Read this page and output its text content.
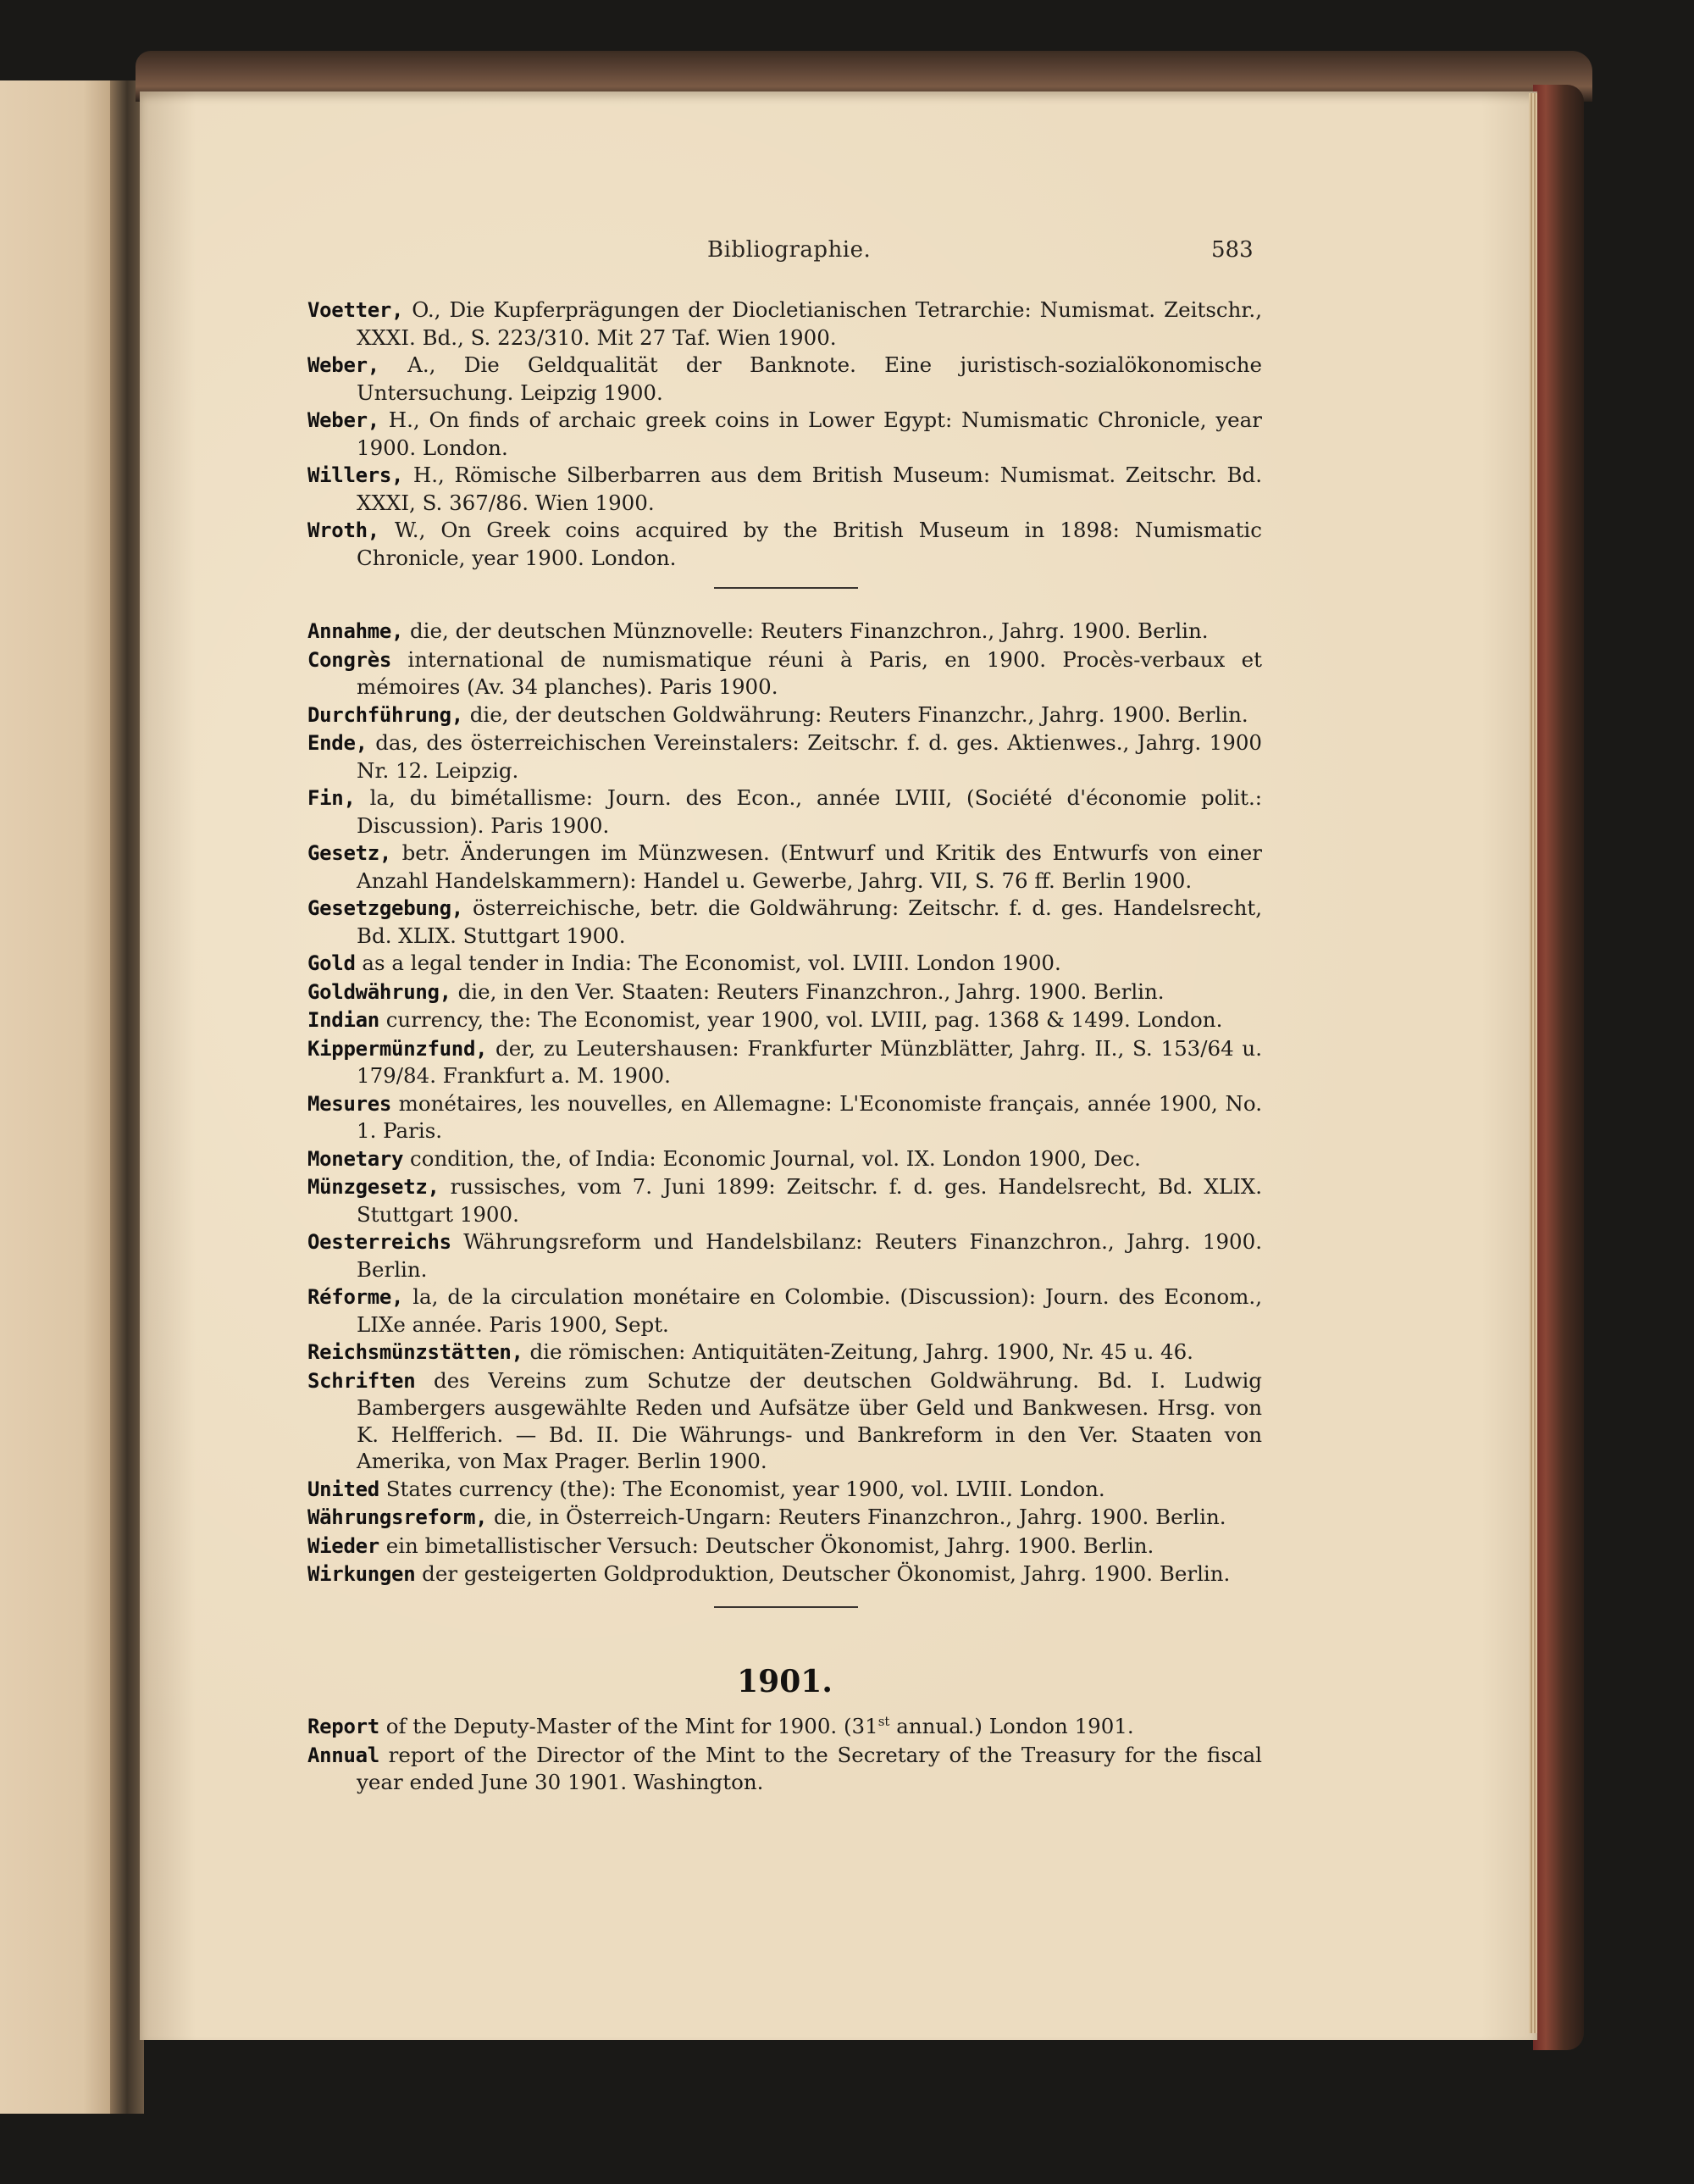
Bibliographie.	583
Voetter, O., Die Kupferprägungen der Diocletianischen Tetrarchie: Numismat. Zeitschr., XXXI. Bd., S. 223/310. Mit 27 Taf. Wien 1900.
Weber, A., Die Geldqualität der Banknote. Eine juristisch-sozialökonomische Untersuchung. Leipzig 1900.
Weber, H., On finds of archaic greek coins in Lower Egypt: Numismatic Chronicle, year 1900. London.
Willers, H., Römische Silberbarren aus dem British Museum: Numismat. Zeitschr. Bd. XXXI, S. 367/86. Wien 1900.
Wroth, W., On Greek coins acquired by the British Museum in 1898: Numismatic Chronicle, year 1900. London.
Annahme, die, der deutschen Münznovelle: Reuters Finanzchron., Jahrg. 1900. Berlin.
Congrès international de numismatique réuni à Paris, en 1900. Procès-verbaux et mémoires (Av. 34 planches). Paris 1900.
Durchführung, die, der deutschen Goldwährung: Reuters Finanzchr., Jahrg. 1900. Berlin.
Ende, das, des österreichischen Vereinstalers: Zeitschr. f. d. ges. Aktienwes., Jahrg. 1900 Nr. 12. Leipzig.
Fin, la, du bimétallisme: Journ. des Econ., année LVIII, (Société d'économie polit.: Discussion). Paris 1900.
Gesetz, betr. Änderungen im Münzwesen. (Entwurf und Kritik des Entwurfs von einer Anzahl Handelskammern): Handel u. Gewerbe, Jahrg. VII, S. 76 ff. Berlin 1900.
Gesetzgebung, österreichische, betr. die Goldwährung: Zeitschr. f. d. ges. Handelsrecht, Bd. XLIX. Stuttgart 1900.
Gold as a legal tender in India: The Economist, vol. LVIII. London 1900.
Goldwährung, die, in den Ver. Staaten: Reuters Finanzchron., Jahrg. 1900. Berlin.
Indian currency, the: The Economist, year 1900, vol. LVIII, pag. 1368 & 1499. London.
Kippermünzfund, der, zu Leutershausen: Frankfurter Münzblätter, Jahrg. II., S. 153/64 u. 179/84. Frankfurt a. M. 1900.
Mesures monétaires, les nouvelles, en Allemagne: L'Economiste français, année 1900, No. 1. Paris.
Monetary condition, the, of India: Economic Journal, vol. IX. London 1900, Dec.
Münzgesetz, russisches, vom 7. Juni 1899: Zeitschr. f. d. ges. Handelsrecht, Bd. XLIX. Stuttgart 1900.
Oesterreichs Währungsreform und Handelsbilanz: Reuters Finanzchron., Jahrg. 1900. Berlin.
Réforme, la, de la circulation monétaire en Colombie. (Discussion): Journ. des Econom., LIXe année. Paris 1900, Sept.
Reichsmünzstätten, die römischen: Antiquitäten-Zeitung, Jahrg. 1900, Nr. 45 u. 46.
Schriften des Vereins zum Schutze der deutschen Goldwährung. Bd. I. Ludwig Bambergers ausgewählte Reden und Aufsätze über Geld und Bankwesen. Hrsg. von K. Helfferich. — Bd. II. Die Währungs- und Bankreform in den Ver. Staaten von Amerika, von Max Prager. Berlin 1900.
United States currency (the): The Economist, year 1900, vol. LVIII. London.
Währungsreform, die, in Österreich-Ungarn: Reuters Finanzchron., Jahrg. 1900. Berlin.
Wieder ein bimetallistischer Versuch: Deutscher Ökonomist, Jahrg. 1900. Berlin.
Wirkungen der gesteigerten Goldproduktion, Deutscher Ökonomist, Jahrg. 1900. Berlin.
1901.
Report of the Deputy-Master of the Mint for 1900. (31st annual.) London 1901.
Annual report of the Director of the Mint to the Secretary of the Treasury for the fiscal year ended June 30 1901. Washington.
